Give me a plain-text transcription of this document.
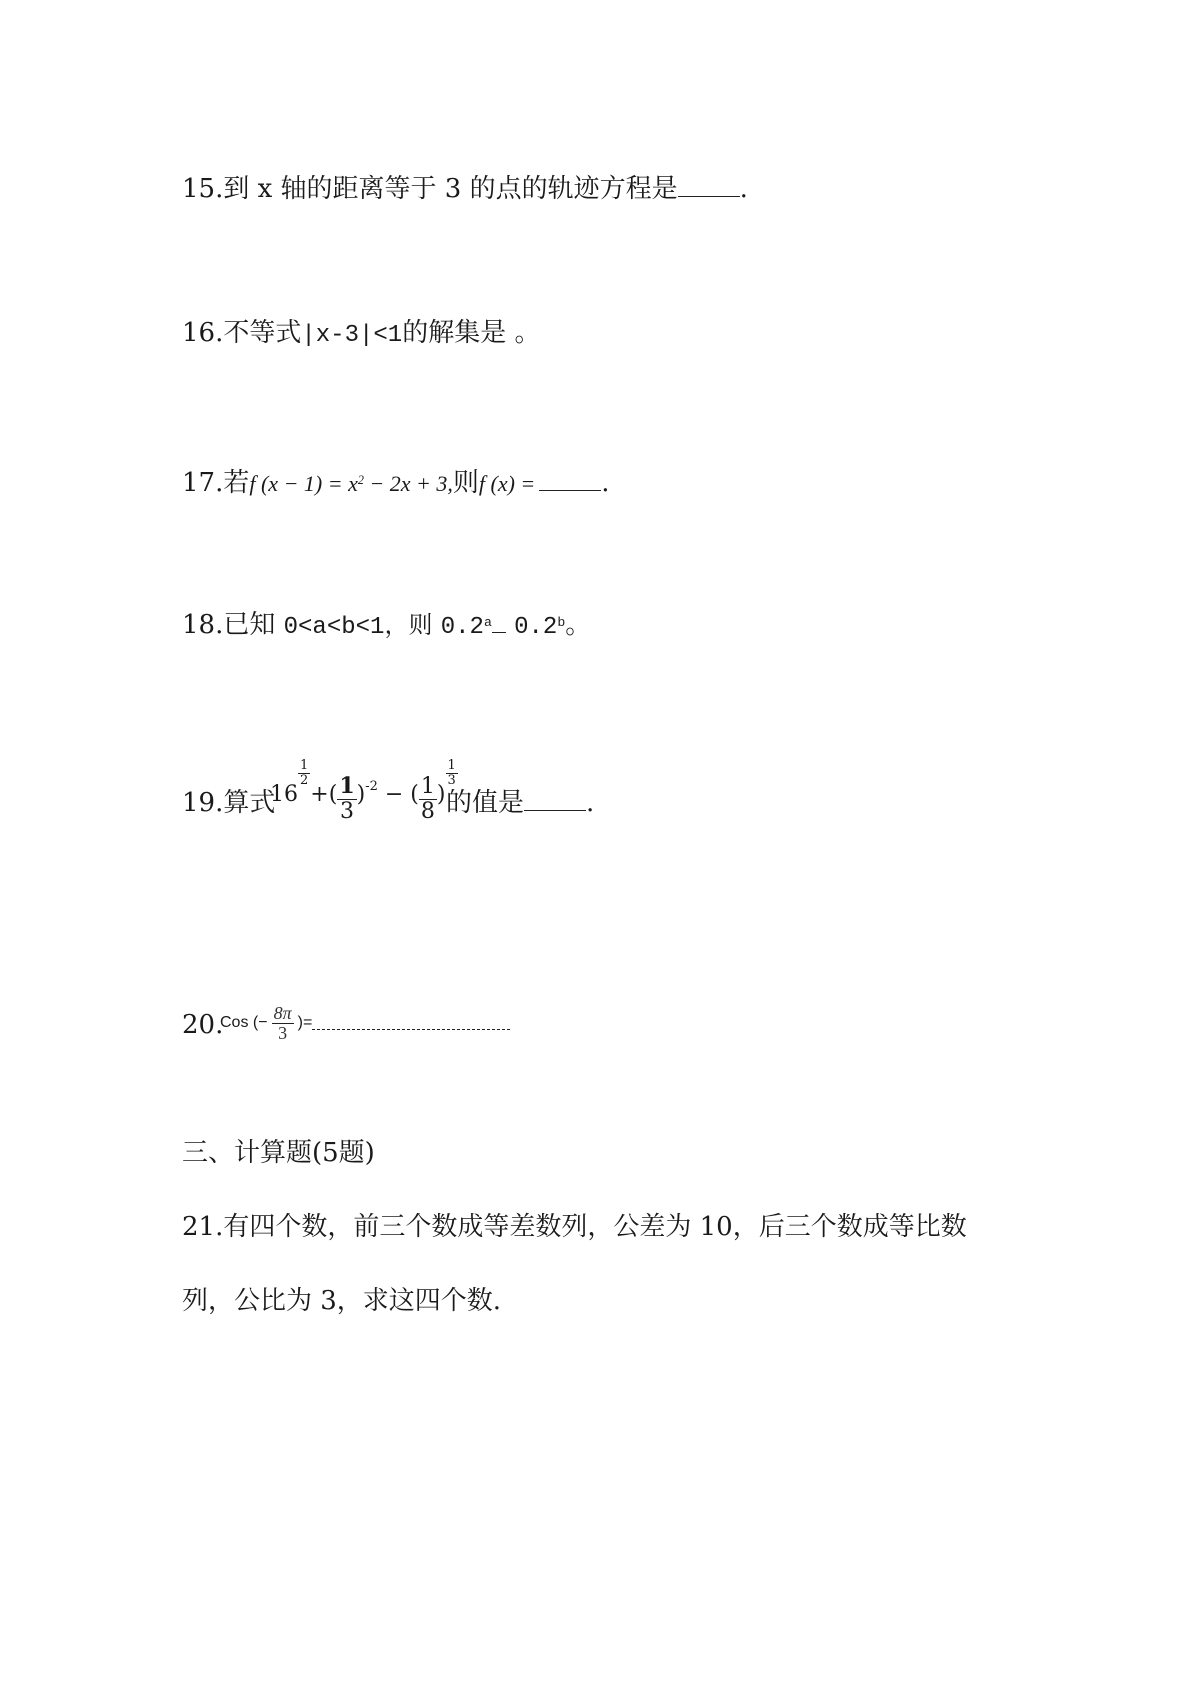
15.到 x 轴的距离等于 3 的点的轨迹方程是 .
16.不等式|x-3|<1的解集是 。
17.若f $(x - 1) = x^2 - 2x + 3$,则f (x) =	.
18.已知 0<a<b<1，则 0.2$^a$ 0.2$^b$。
19.算式
16
$\frac{1}{2}$
+( $\frac{1}{3}$ ) -2 − ( $\frac{1}{8}$ )
$\frac{1}{3}$
的值是 .
20.
Cos (− $\frac{8\pi}{3}$ )=
三、计算题(5题)
21.有四个数，前三个数成等差数列，公差为 10，后三个数成等比数
列，公比为 3，求这四个数.
